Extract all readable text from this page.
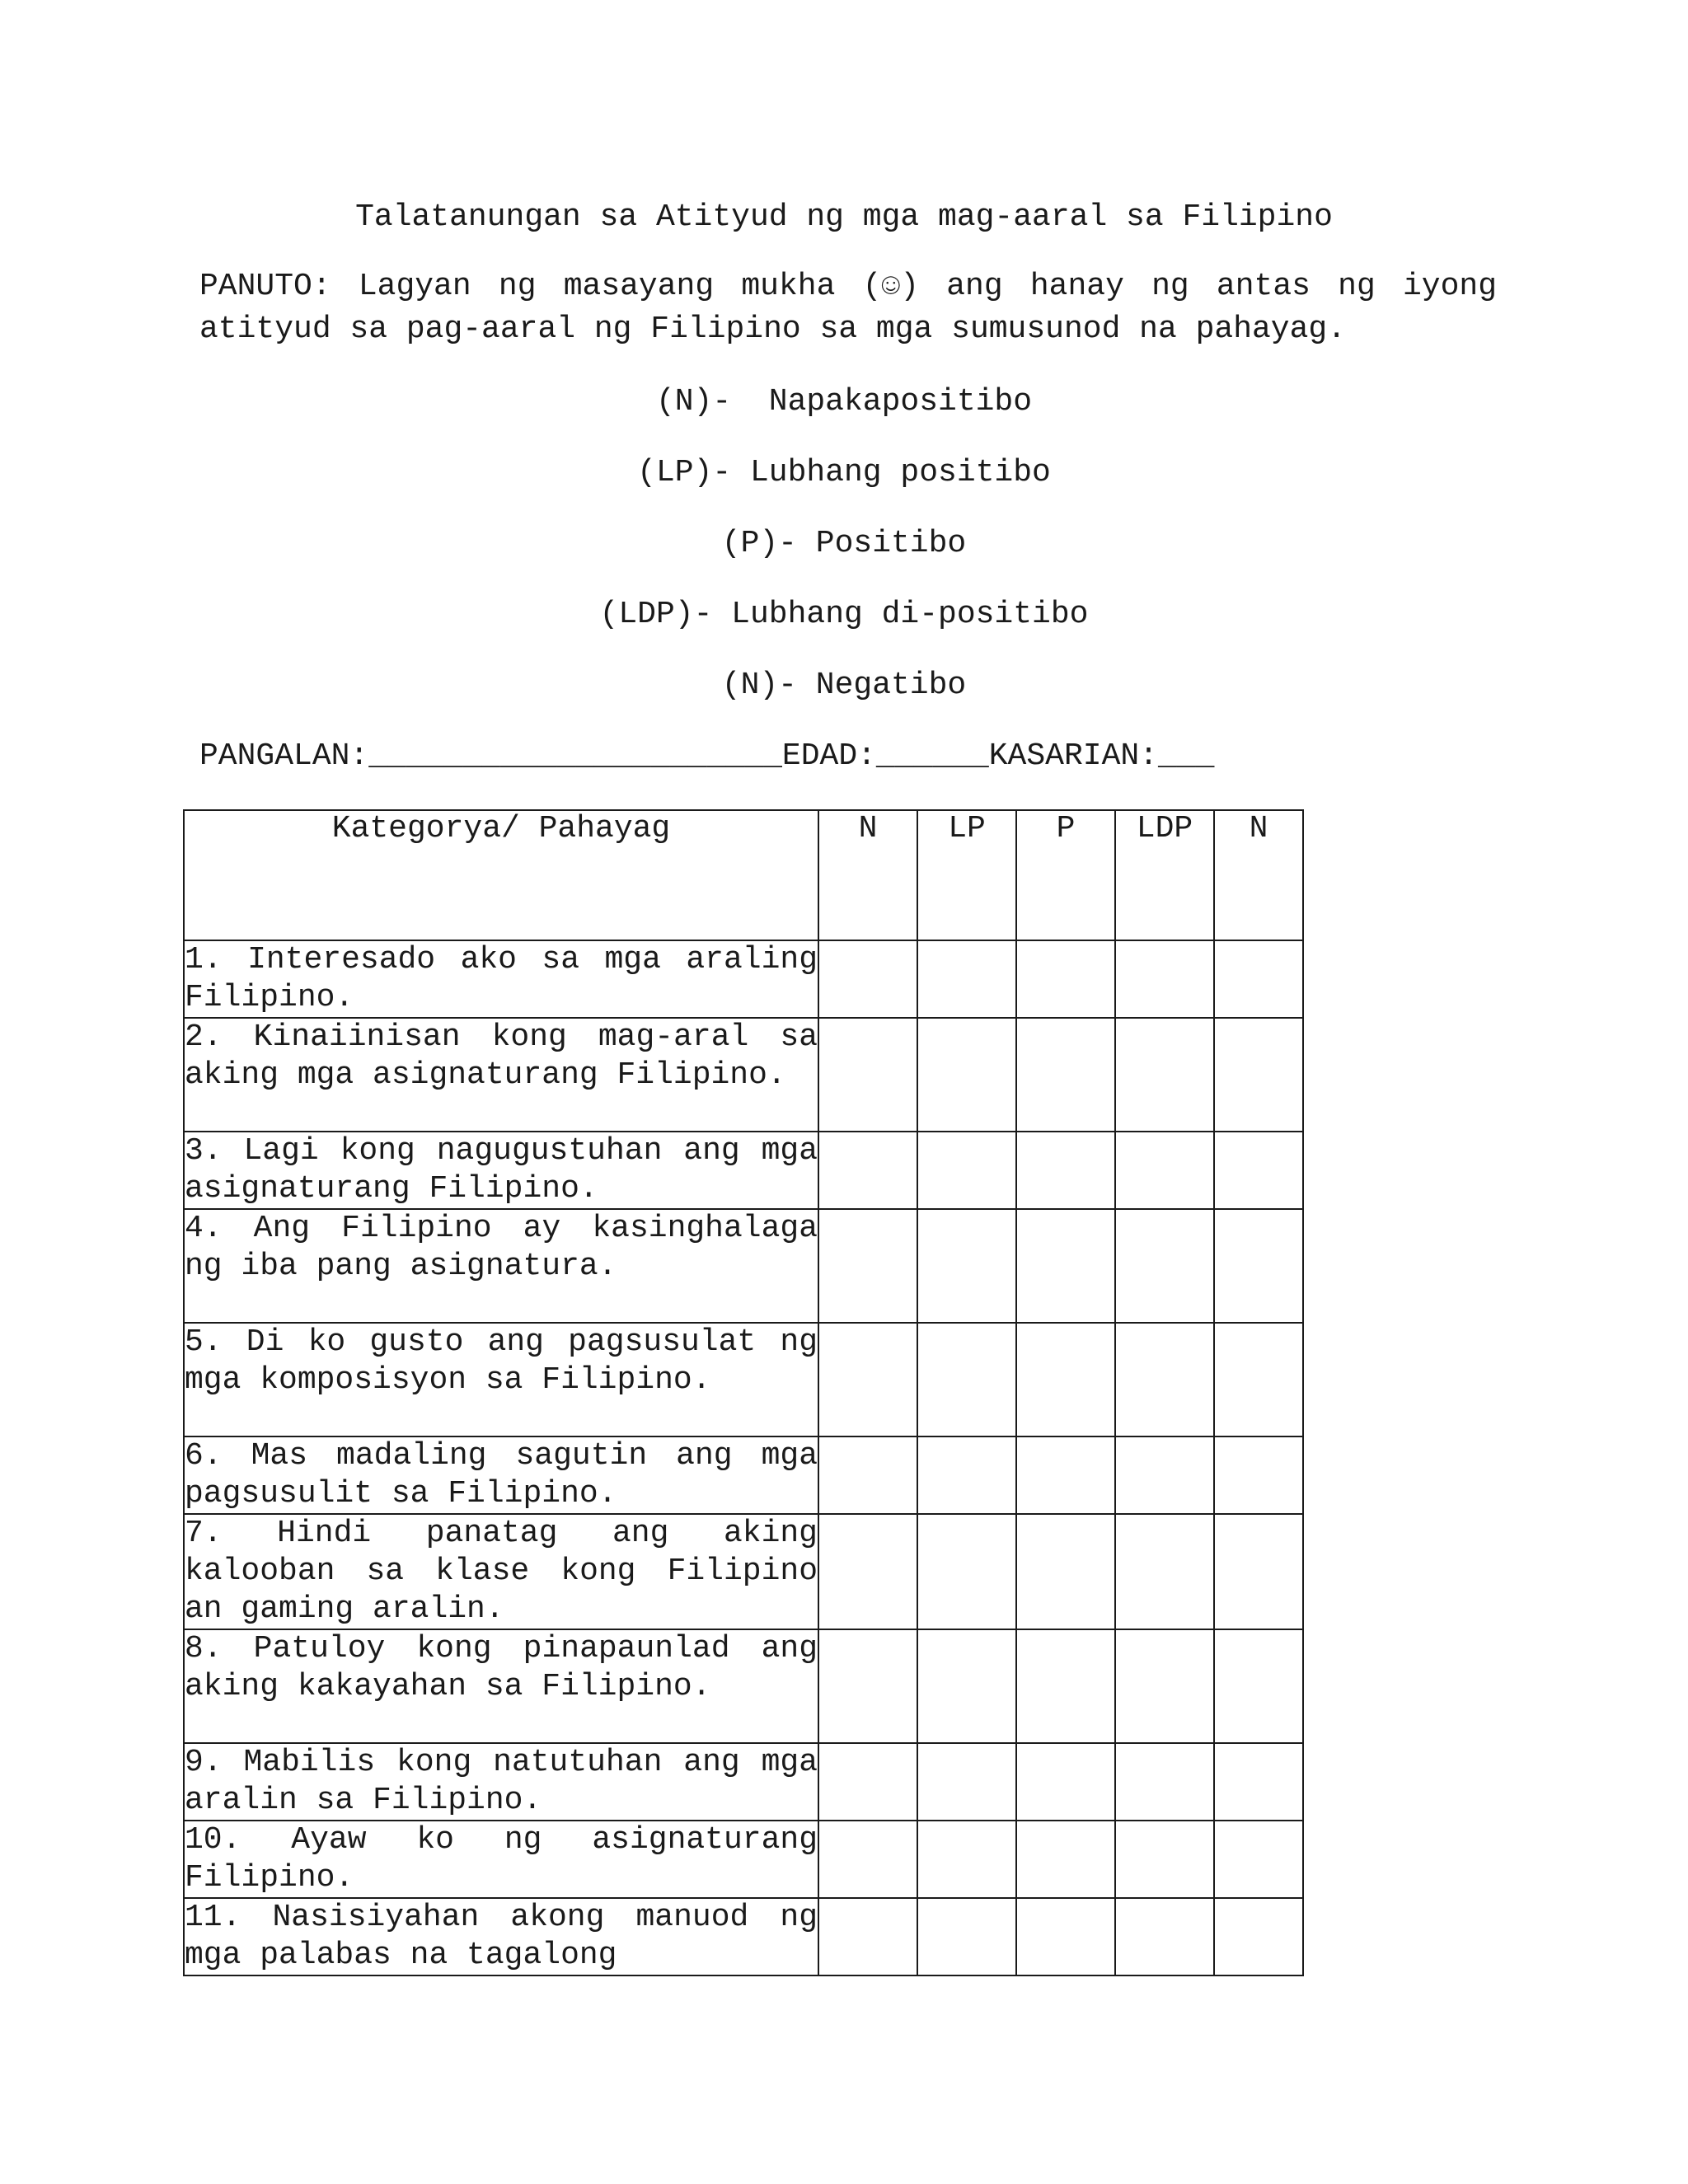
Talatanungan sa Atityud ng mga mag-aaral sa Filipino
PANUTO: Lagyan ng masayang mukha (☺) ang hanay ng antas ng iyong atityud sa pag-aaral ng Filipino sa mga sumusunod na pahayag.
(N)-  Napakapositibo
(LP)- Lubhang positibo
(P)- Positibo
(LDP)- Lubhang di-positibo
(N)- Negatibo
PANGALAN:______________________EDAD:______KASARIAN:___
Kategorya/ Pahayag	N	LP	P	LDP	N
1. Interesado ako sa mga araling Filipino.					
2. Kinaiinisan kong mag-aral sa aking mga asignaturang Filipino.					
3. Lagi kong nagugustuhan ang mga asignaturang Filipino.					
4. Ang Filipino ay kasinghalaga ng iba pang asignatura.					
5. Di ko gusto ang pagsusulat ng mga komposisyon sa Filipino.					
6. Mas madaling sagutin ang mga pagsusulit sa Filipino.					
7. Hindi panatag ang aking kalooban sa klase kong Filipino an gaming aralin.					
8. Patuloy kong pinapaunlad ang aking kakayahan sa Filipino.					
9. Mabilis kong natutuhan ang mga aralin sa Filipino.					
10. Ayaw ko ng asignaturang Filipino.					
11. Nasisiyahan akong manuod ng mga palabas na tagalong					
